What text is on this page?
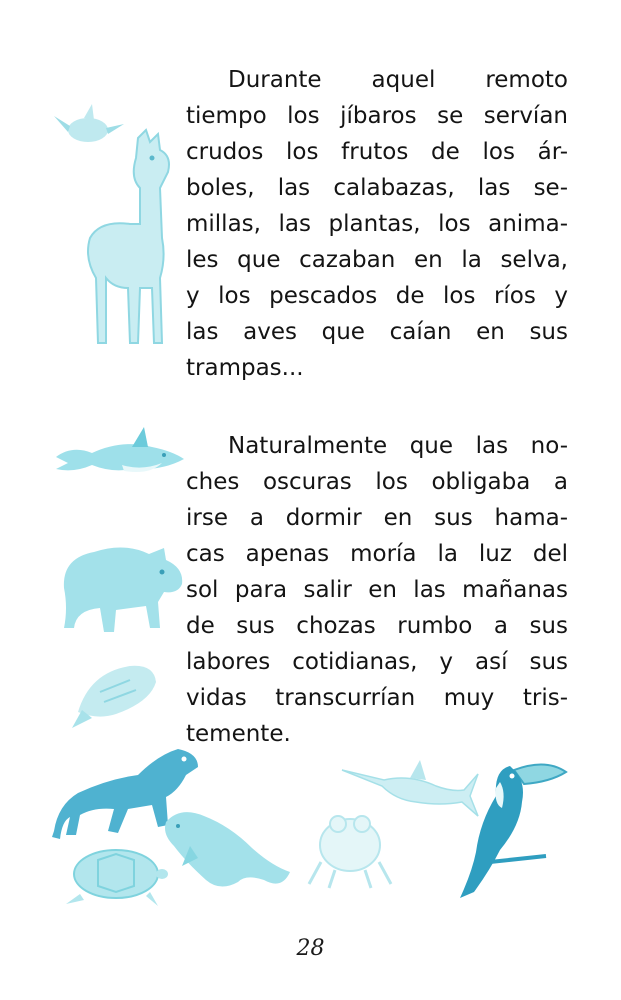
Durante aquel remoto
tiempo los jíbaros se servían
crudos los frutos de los ár-
boles, las calabazas, las se-
millas, las plantas, los anima-
les que cazaban en la selva,
y los pescados de los ríos y
las aves que caían en sus
trampas...
Naturalmente que las no-
ches oscuras los obligaba a
irse a dormir en sus hama-
cas apenas moría la luz del
sol para salir en las mañanas
de sus chozas rumbo a sus
labores cotidianas, y así sus
vidas transcurrían muy tris-
temente.
28
